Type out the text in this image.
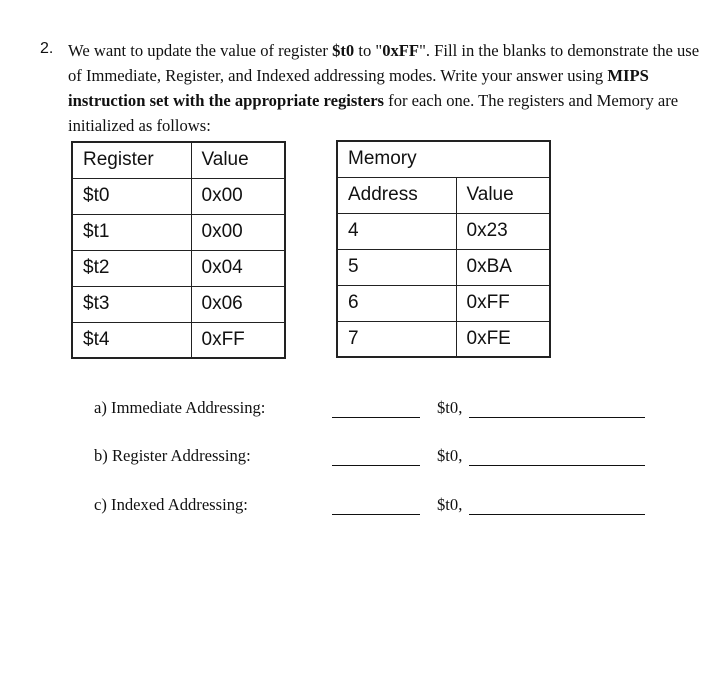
2. We want to update the value of register $t0 to "0xFF". Fill in the blanks to demonstrate the use of Immediate, Register, and Indexed addressing modes. Write your answer using MIPS instruction set with the appropriate registers for each one. The registers and Memory are initialized as follows:
Register	Value
$t0	0x00
$t1	0x00
$t2	0x04
$t3	0x06
$t4	0xFF
Memory	
Address	Value
4	0x23
5	0xBA
6	0xFF
7	0xFE
a) Immediate Addressing:	$t0,
b) Register Addressing:	$t0,
c) Indexed Addressing:	$t0,
